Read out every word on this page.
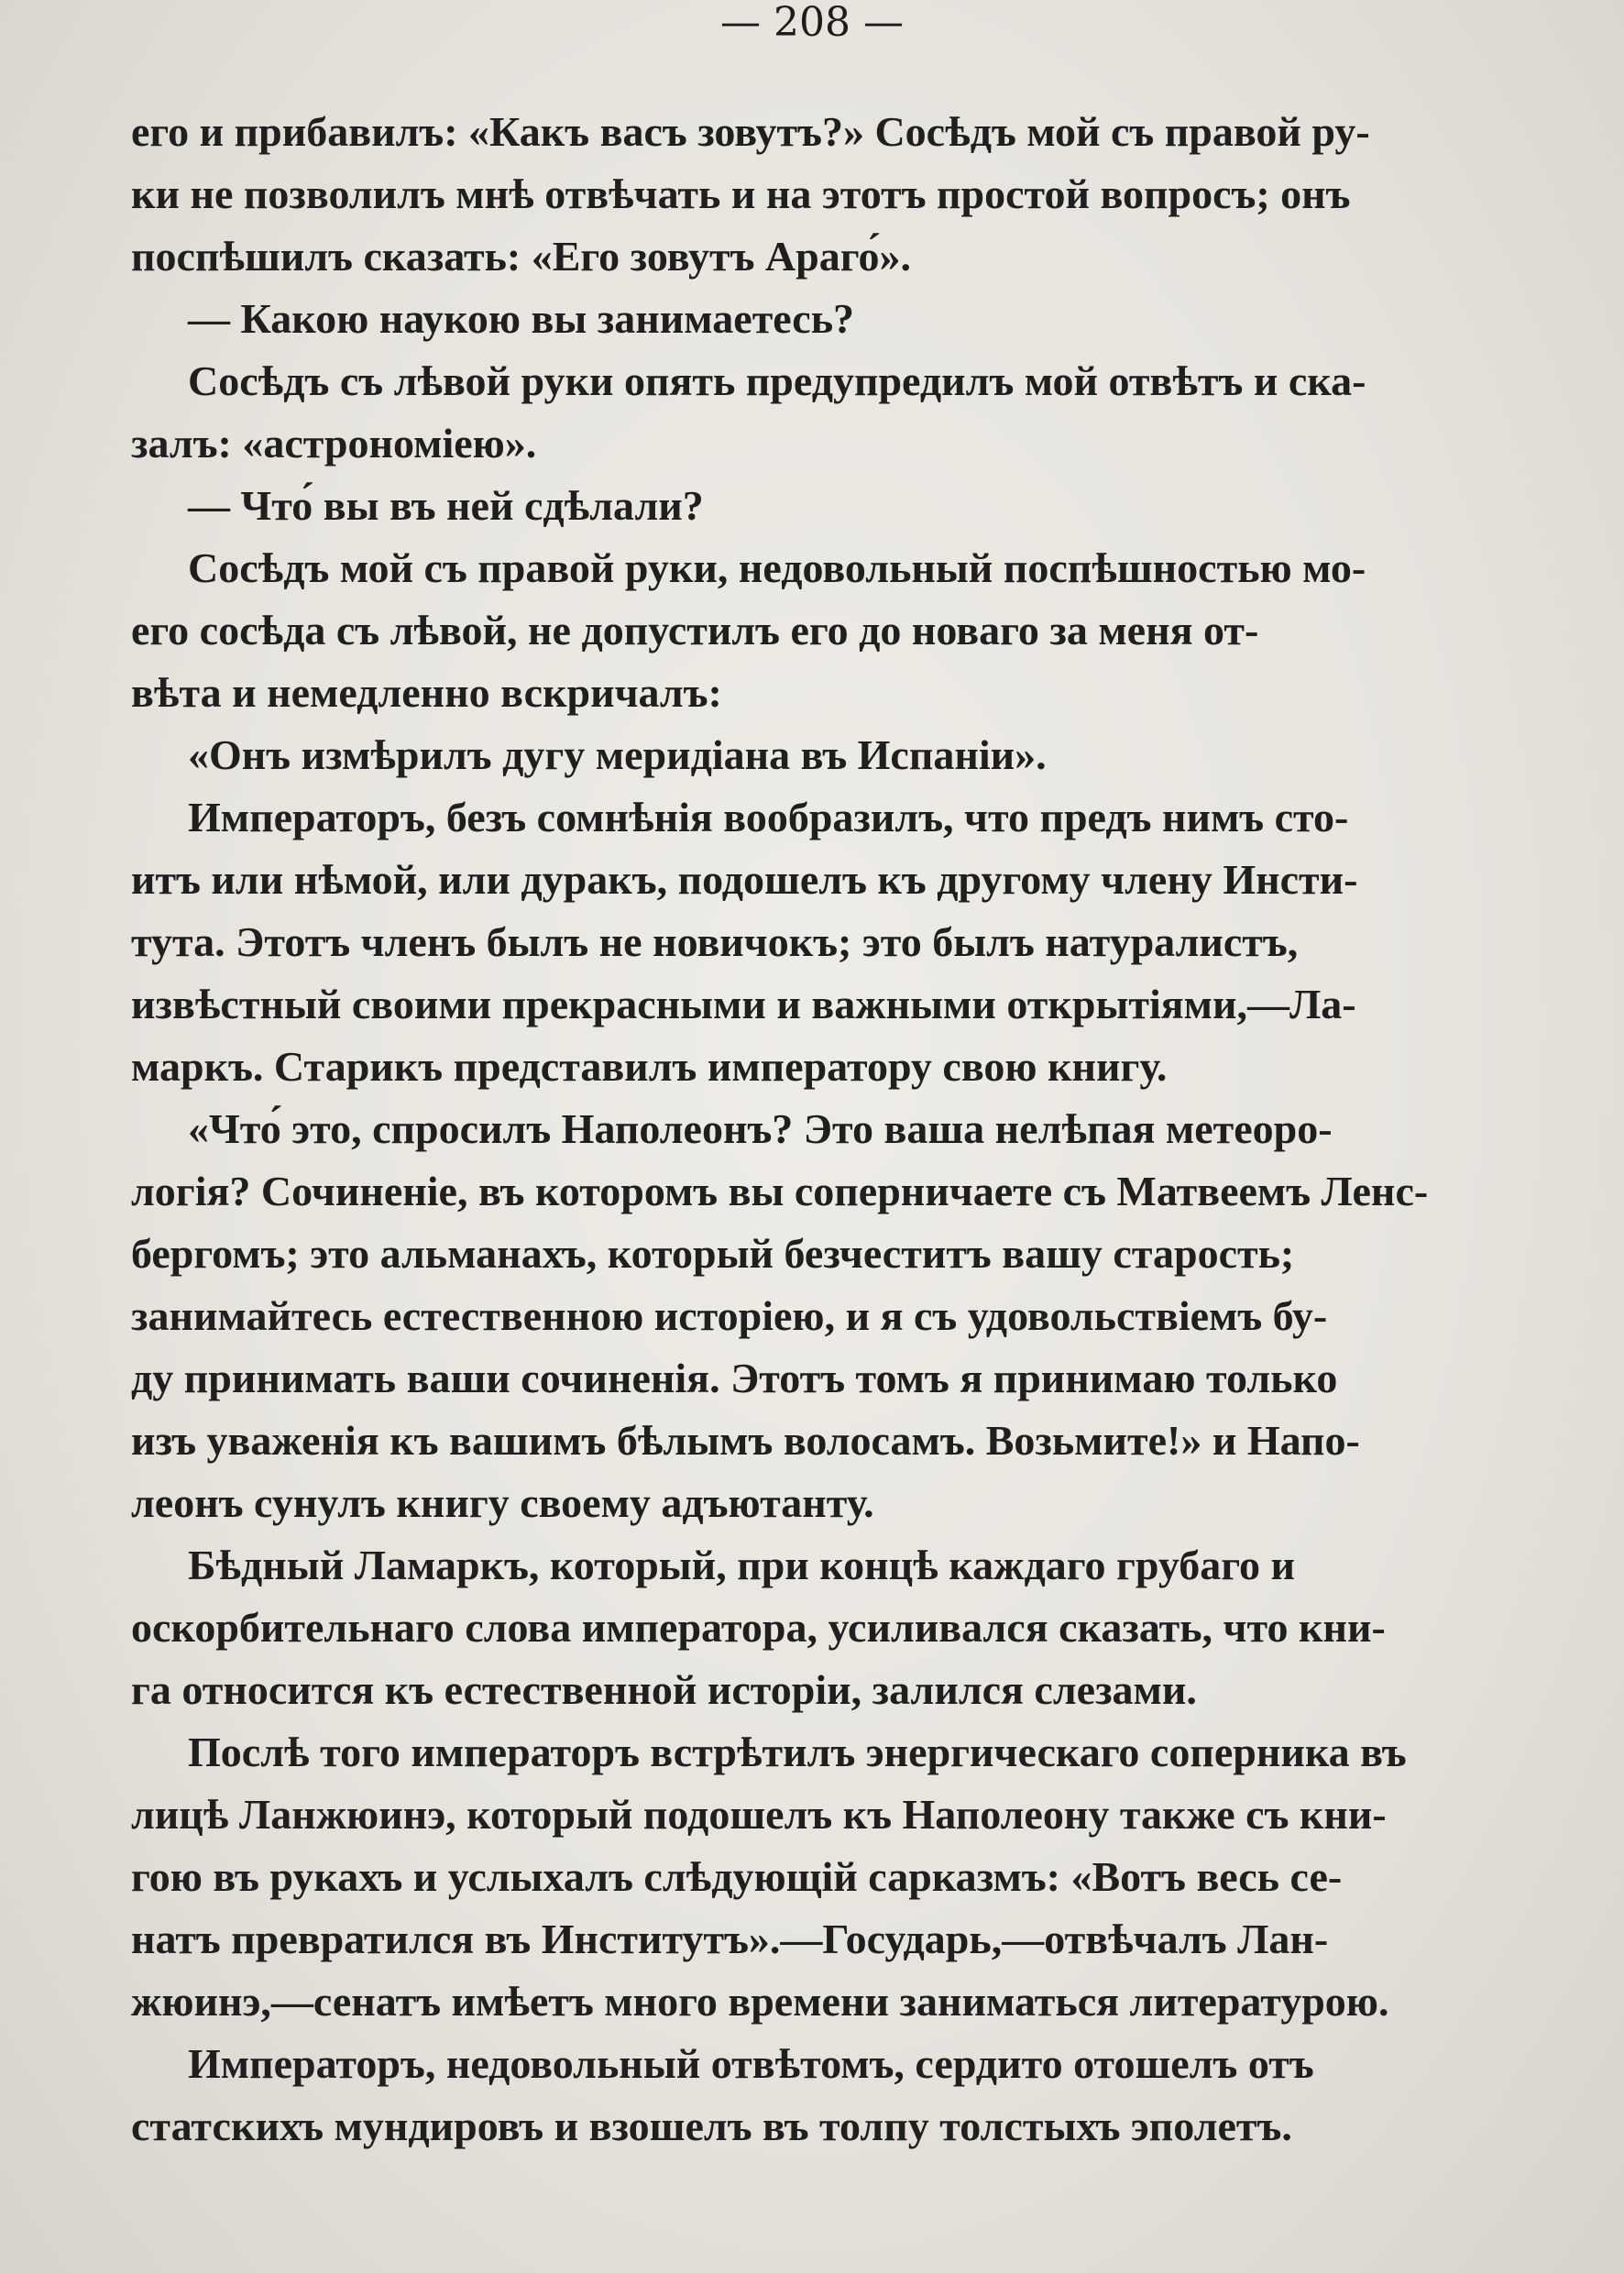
— 208 —
его и прибавилъ: «Какъ васъ зовутъ?» Сосѣдъ мой съ правой ру-
ки не позволилъ мнѣ отвѣчать и на этотъ простой вопросъ; онъ
поспѣшилъ сказать: «Его зовутъ Араго́».
— Какою наукою вы занимаетесь?
Сосѣдъ съ лѣвой руки опять предупредилъ мой отвѣтъ и ска-
залъ: «астрономіею».
— Что́ вы въ ней сдѣлали?
Сосѣдъ мой съ правой руки, недовольный поспѣшностью мо-
его сосѣда съ лѣвой, не допустилъ его до новаго за меня от-
вѣта и немедленно вскричалъ:
«Онъ измѣрилъ дугу меридіана въ Испаніи».
Императоръ, безъ сомнѣнія вообразилъ, что предъ нимъ сто-
итъ или нѣмой, или дуракъ, подошелъ къ другому члену Инсти-
тута. Этотъ членъ былъ не новичокъ; это былъ натуралистъ,
извѣстный своими прекрасными и важными открытіями,—Ла-
маркъ. Старикъ представилъ императору свою книгу.
«Что́ это, спросилъ Наполеонъ? Это ваша нелѣпая метеоро-
логія? Сочиненіе, въ которомъ вы соперничаете съ Матвеемъ Ленс-
бергомъ; это альманахъ, который безчеститъ вашу старость;
занимайтесь естественною исторіею, и я съ удовольствіемъ бу-
ду принимать ваши сочиненія. Этотъ томъ я принимаю только
изъ уваженія къ вашимъ бѣлымъ волосамъ. Возьмите!» и Напо-
леонъ сунулъ книгу своему адъютанту.
Бѣдный Ламаркъ, который, при концѣ каждаго грубаго и
оскорбительнаго слова императора, усиливался сказать, что кни-
га относится къ естественной исторіи, залился слезами.
Послѣ того императоръ встрѣтилъ энергическаго соперника въ
лицѣ Ланжюинэ, который подошелъ къ Наполеону также съ кни-
гою въ рукахъ и услыхалъ слѣдующій сарказмъ: «Вотъ весь се-
натъ превратился въ Институтъ».—Государь,—отвѣчалъ Лан-
жюинэ,—сенатъ имѣетъ много времени заниматься литературою.
Императоръ, недовольный отвѣтомъ, сердито отошелъ отъ
статскихъ мундировъ и взошелъ въ толпу толстыхъ эполетъ.
